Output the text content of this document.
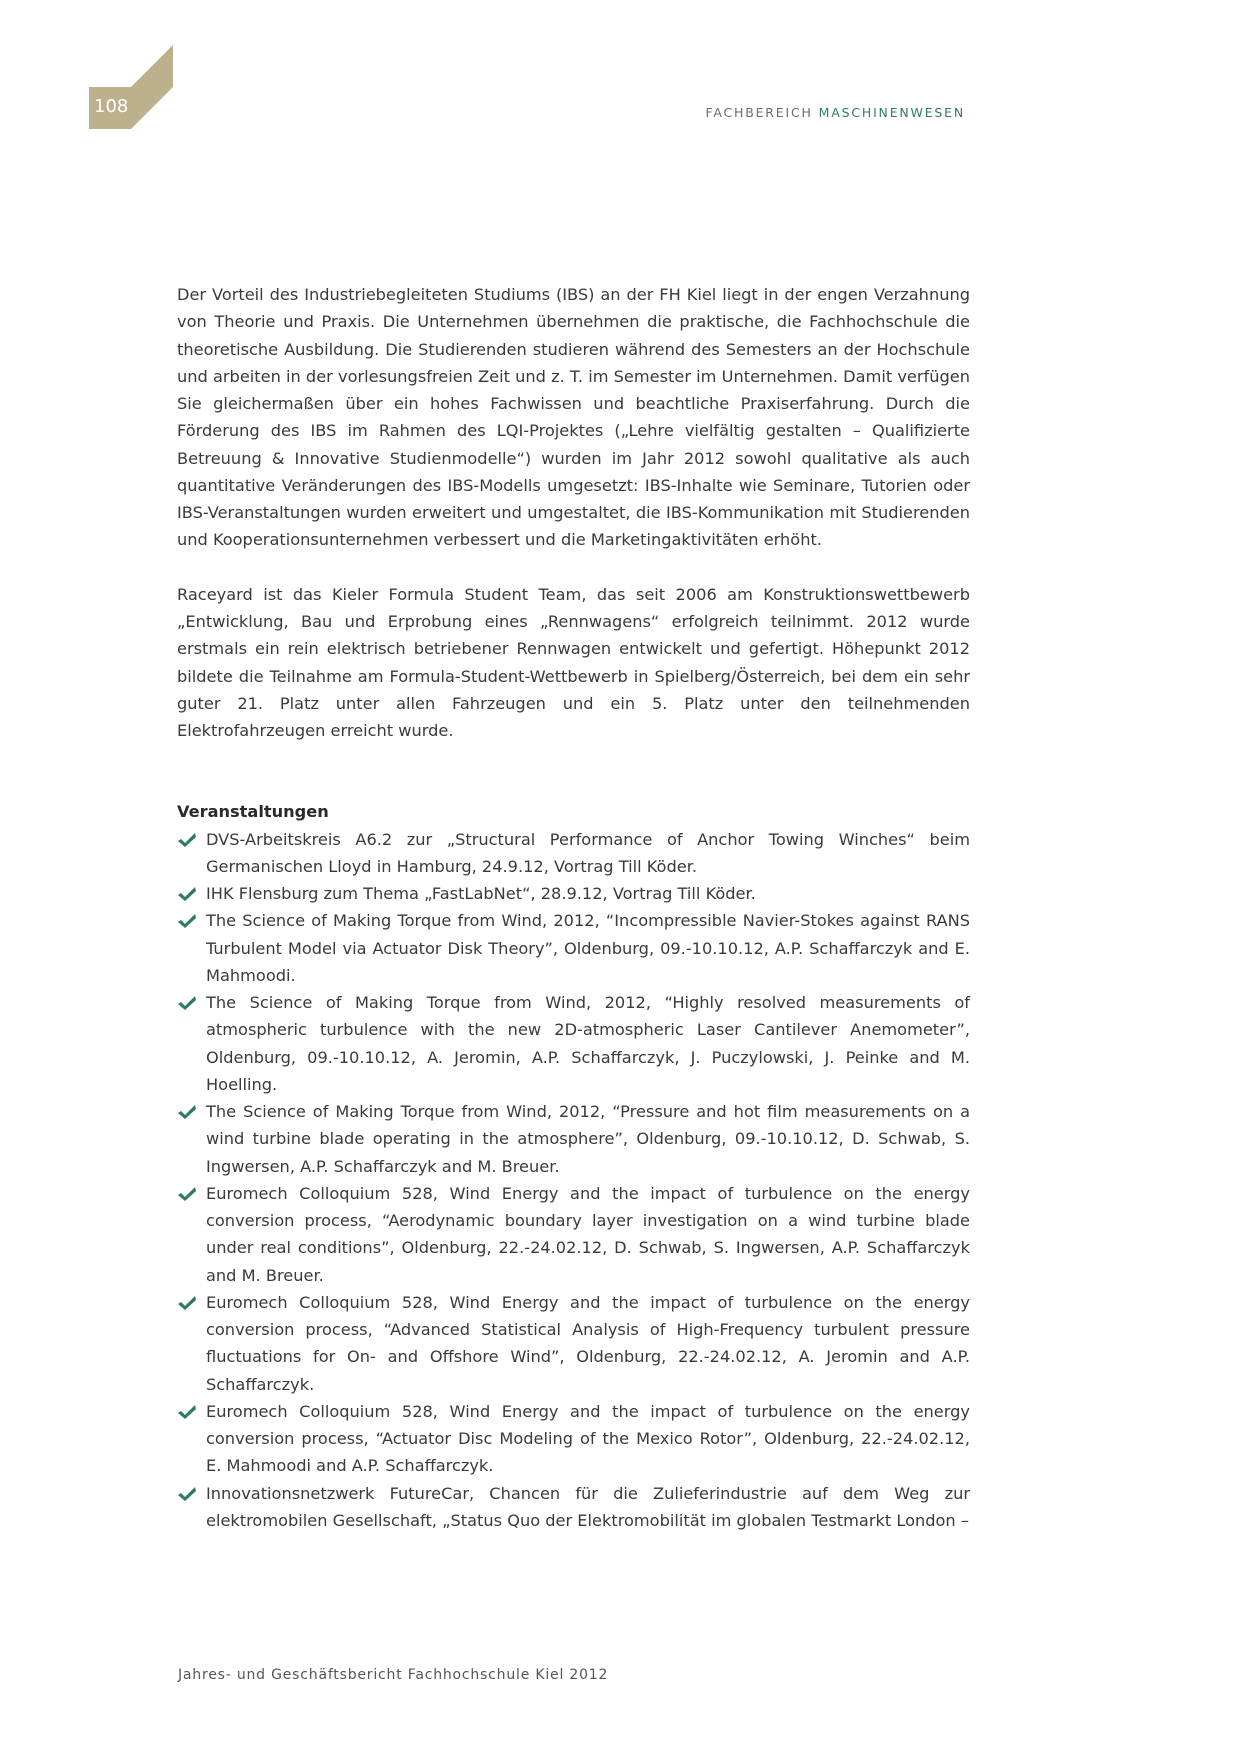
108	FACHBEREICH MASCHINENWESEN

Der Vorteil des Industriebegleiteten Studiums (IBS) an der FH Kiel liegt in der engen Verzahnung von Theorie und Praxis. Die Unternehmen übernehmen die praktische, die Fachhochschule die theoretische Ausbildung. Die Studierenden studieren während des Semesters an der Hochschule und arbeiten in der vorlesungsfreien Zeit und z. T. im Semester im Unternehmen. Damit verfügen Sie gleichermaßen über ein hohes Fachwissen und beachtliche Praxiserfahrung. Durch die Förderung des IBS im Rahmen des LQI-Projektes („Lehre vielfältig gestalten – Qualifizierte Betreuung & Innovative Studienmodelle“) wurden im Jahr 2012 sowohl qualitative als auch quantitative Veränderungen des IBS-Modells umgesetzt: IBS-Inhalte wie Seminare, Tutorien oder IBS-Veranstaltungen wurden erweitert und umgestaltet, die IBS-Kommunikation mit Studierenden und Kooperationsunternehmen verbessert und die Marketingaktivitäten erhöht.

Raceyard ist das Kieler Formula Student Team, das seit 2006 am Konstruktionswettbewerb „Entwicklung, Bau und Erprobung eines „Rennwagens“ erfolgreich teilnimmt. 2012 wurde erstmals ein rein elektrisch betriebener Rennwagen entwickelt und gefertigt. Höhepunkt 2012 bildete die Teilnahme am Formula-Student-Wettbewerb in Spielberg/Österreich, bei dem ein sehr guter 21. Platz unter allen Fahrzeugen und ein 5. Platz unter den teilnehmenden Elektrofahrzeugen erreicht wurde.

Veranstaltungen
DVS-Arbeitskreis A6.2 zur „Structural Performance of Anchor Towing Winches“ beim Germanischen Lloyd in Hamburg, 24.9.12, Vortrag Till Köder.
IHK Flensburg zum Thema „FastLabNet“, 28.9.12, Vortrag Till Köder.
The Science of Making Torque from Wind, 2012, “Incompressible Navier-Stokes against RANS Turbulent Model via Actuator Disk Theory”, Oldenburg, 09.-10.10.12, A.P. Schaffarczyk and E. Mahmoodi.
The Science of Making Torque from Wind, 2012, “Highly resolved measurements of atmospheric turbulence with the new 2D-atmospheric Laser Cantilever Anemometer”, Oldenburg, 09.-10.10.12, A. Jeromin, A.P. Schaffarczyk, J. Puczylowski, J. Peinke and M. Hoelling.
The Science of Making Torque from Wind, 2012, “Pressure and hot film measurements on a wind turbine blade operating in the atmosphere”, Oldenburg, 09.-10.10.12, D. Schwab, S. Ingwersen, A.P. Schaffarczyk and M. Breuer.
Euromech Colloquium 528, Wind Energy and the impact of turbulence on the energy conversion process, “Aerodynamic boundary layer investigation on a wind turbine blade under real conditions”, Oldenburg, 22.-24.02.12, D. Schwab, S. Ingwersen, A.P. Schaffarczyk and M. Breuer.
Euromech Colloquium 528, Wind Energy and the impact of turbulence on the energy conversion process, “Advanced Statistical Analysis of High-Frequency turbulent pressure fluctuations for On- and Offshore Wind”, Oldenburg, 22.-24.02.12, A. Jeromin and A.P. Schaffarczyk.
Euromech Colloquium 528, Wind Energy and the impact of turbulence on the energy conversion process, “Actuator Disc Modeling of the Mexico Rotor”, Oldenburg, 22.-24.02.12, E. Mahmoodi and A.P. Schaffarczyk.
Innovationsnetzwerk FutureCar, Chancen für die Zulieferindustrie auf dem Weg zur elektromobilen Gesellschaft, „Status Quo der Elektromobilität im globalen Testmarkt London –
Jahres- und Geschäftsbericht Fachhochschule Kiel 2012
